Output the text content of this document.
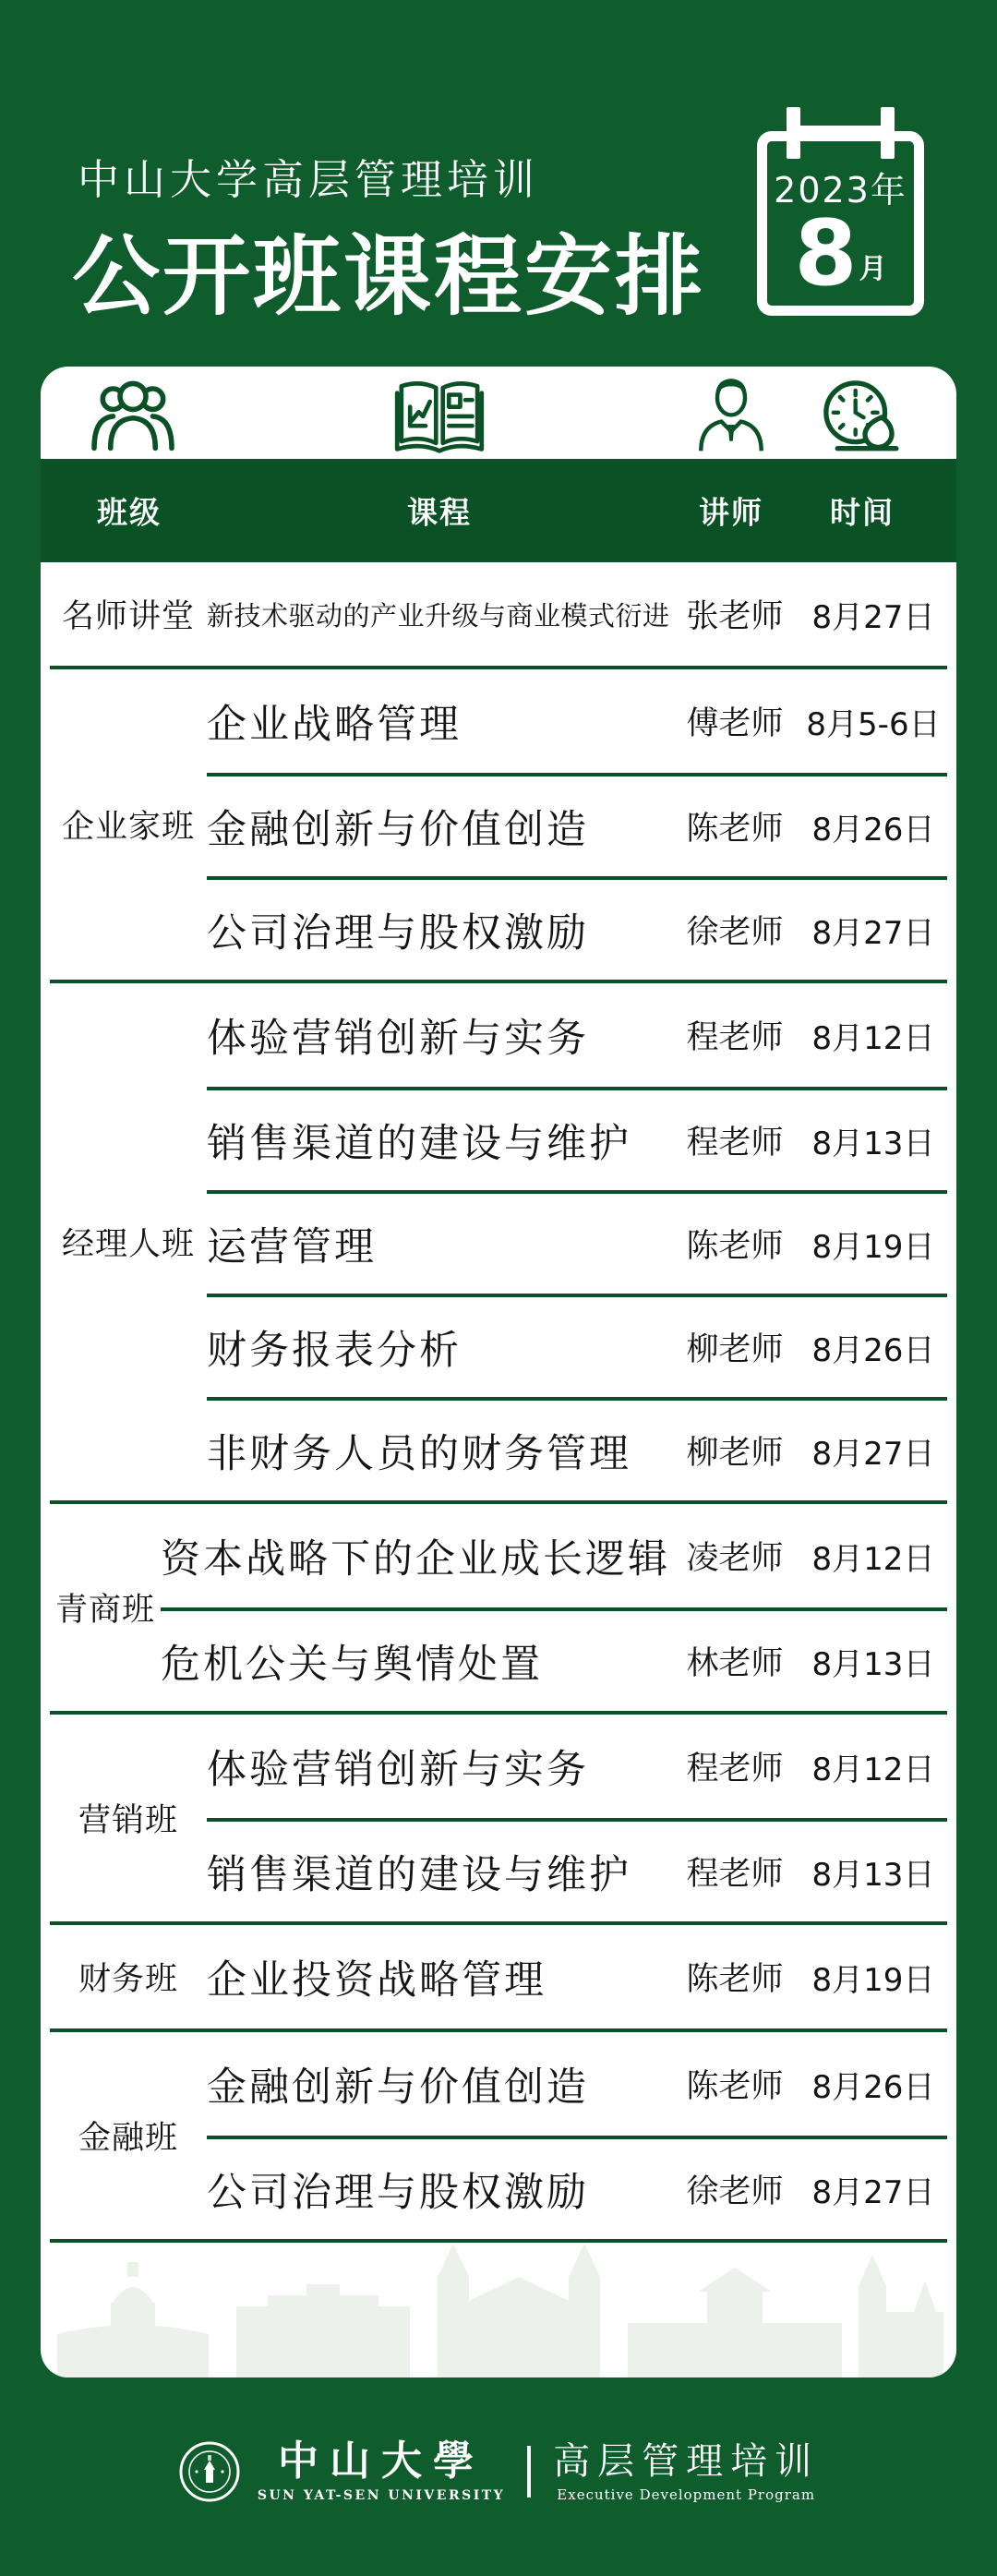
中山大学高层管理培训
公开班课程安排
2023年
8 月
班级	课程	讲师 时间
名师讲堂 新技术驱动的产业升级与商业模式衍进 张老师 8月27日
企业家班
企业战略管理	傅老师 8月5-6日
金融创新与价值创造	陈老师 8月26日
公司治理与股权激励	徐老师 8月27日
经理人班
体验营销创新与实务	程老师 8月12日
销售渠道的建设与维护	程老师 8月13日
运营管理	陈老师 8月19日
财务报表分析	柳老师 8月26日
非财务人员的财务管理	柳老师 8月27日
青商班
资本战略下的企业成长逻辑 凌老师 8月12日
危机公关与舆情处置	林老师 8月13日
营销班
体验营销创新与实务	程老师 8月12日
销售渠道的建设与维护	程老师 8月13日
财务班 企业投资战略管理	陈老师 8月19日
金融班
金融创新与价值创造	陈老师 8月26日
公司治理与股权激励	徐老师 8月27日
中山大學
SUN YAT-SEN UNIVERSITY
高层管理培训
Executive Development Program
